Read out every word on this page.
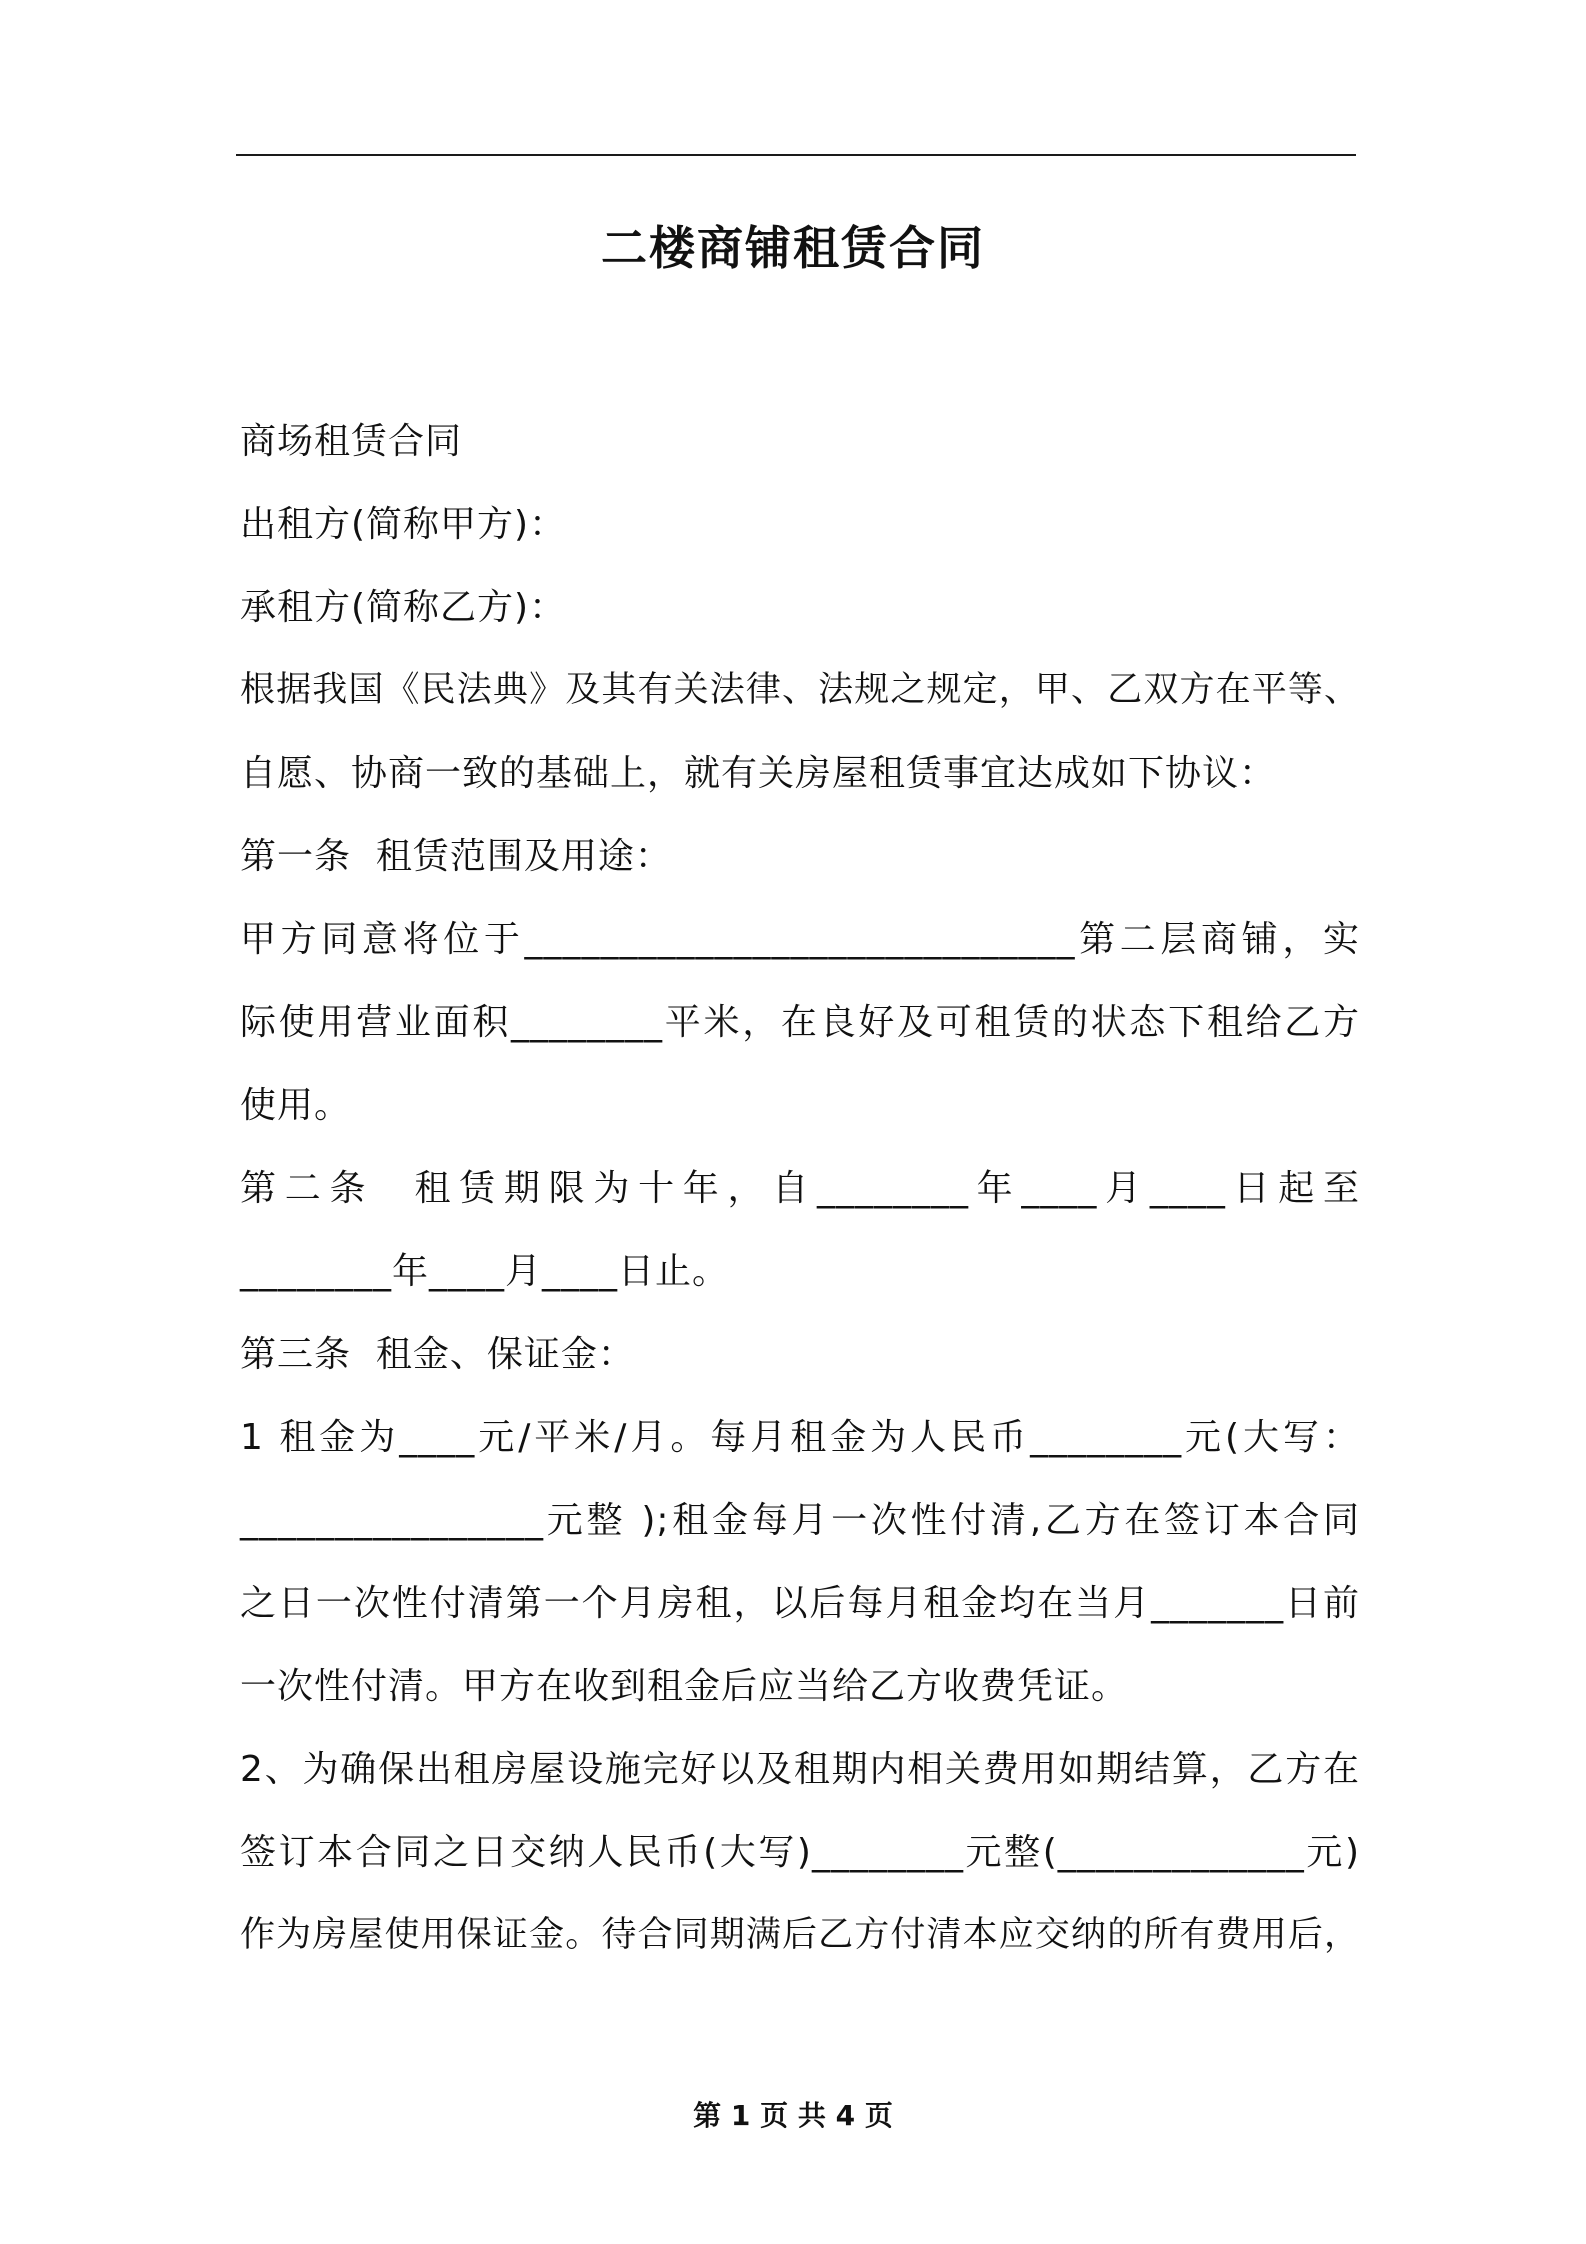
二楼商铺租赁合同
商场租赁合同
出租方(简称甲方)：
承租方(简称乙方)：
根据我国《民法典》及其有关法律、法规之规定，甲、乙双方在平等、
自愿、协商一致的基础上，就有关房屋租赁事宜达成如下协议：
第一条  租赁范围及用途：
甲方同意将位于_____________________________第二层商铺，实
际使用营业面积________平米，在良好及可租赁的状态下租给乙方
使用。
第二条  租赁期限为十年，自________年____月____日起至
________年____月____日止。
第三条  租金、保证金：
1 租金为____元/平米/月。每月租金为人民币________元(大写：
________________元整 );租金每月一次性付清,乙方在签订本合同
之日一次性付清第一个月房租，以后每月租金均在当月_______日前
一次性付清。甲方在收到租金后应当给乙方收费凭证。
2、为确保出租房屋设施完好以及租期内相关费用如期结算，乙方在
签订本合同之日交纳人民币(大写)________元整(_____________元)
作为房屋使用保证金。待合同期满后乙方付清本应交纳的所有费用后，
第 1 页 共 4 页
